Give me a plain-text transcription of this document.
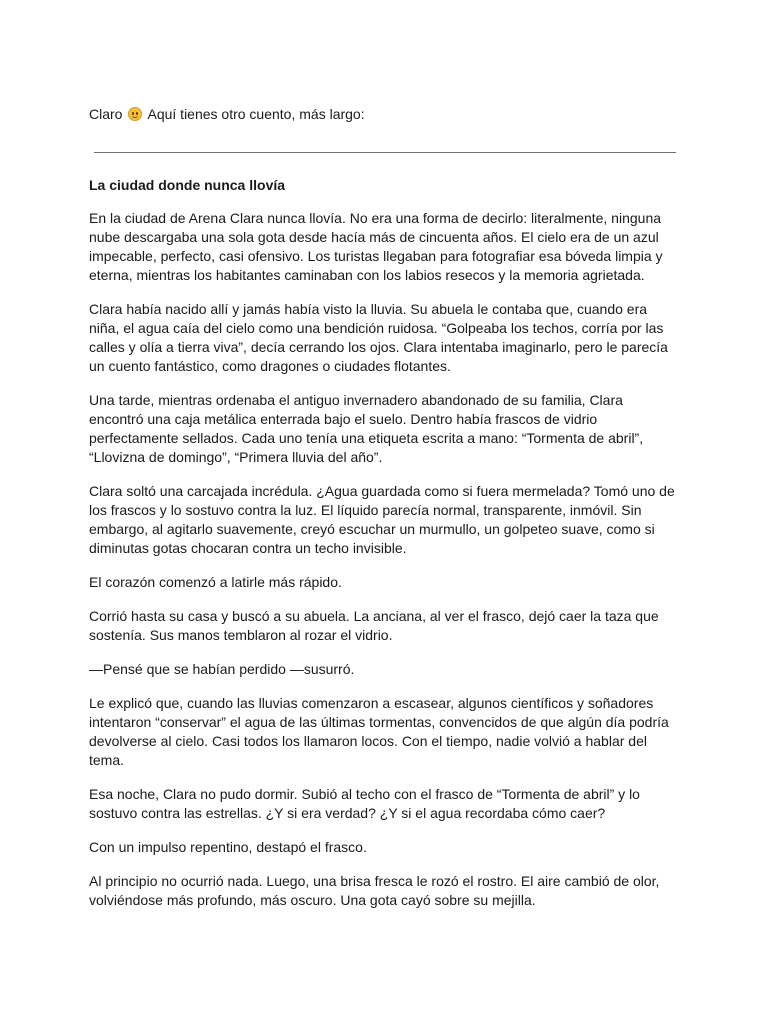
Claro Aquí tienes otro cuento, más largo:

La ciudad donde nunca llovía

En la ciudad de Arena Clara nunca llovía. No era una forma de decirlo: literalmente, ninguna nube descargaba una sola gota desde hacía más de cincuenta años. El cielo era de un azul impecable, perfecto, casi ofensivo. Los turistas llegaban para fotografiar esa bóveda limpia y eterna, mientras los habitantes caminaban con los labios resecos y la memoria agrietada.

Clara había nacido allí y jamás había visto la lluvia. Su abuela le contaba que, cuando era niña, el agua caía del cielo como una bendición ruidosa. “Golpeaba los techos, corría por las calles y olía a tierra viva”, decía cerrando los ojos. Clara intentaba imaginarlo, pero le parecía un cuento fantástico, como dragones o ciudades flotantes.

Una tarde, mientras ordenaba el antiguo invernadero abandonado de su familia, Clara encontró una caja metálica enterrada bajo el suelo. Dentro había frascos de vidrio perfectamente sellados. Cada uno tenía una etiqueta escrita a mano: “Tormenta de abril”, “Llovizna de domingo”, “Primera lluvia del año”.

Clara soltó una carcajada incrédula. ¿Agua guardada como si fuera mermelada? Tomó uno de los frascos y lo sostuvo contra la luz. El líquido parecía normal, transparente, inmóvil. Sin embargo, al agitarlo suavemente, creyó escuchar un murmullo, un golpeteo suave, como si diminutas gotas chocaran contra un techo invisible.

El corazón comenzó a latirle más rápido.

Corrió hasta su casa y buscó a su abuela. La anciana, al ver el frasco, dejó caer la taza que sostenía. Sus manos temblaron al rozar el vidrio.

—Pensé que se habían perdido —susurró.

Le explicó que, cuando las lluvias comenzaron a escasear, algunos científicos y soñadores intentaron “conservar” el agua de las últimas tormentas, convencidos de que algún día podría devolverse al cielo. Casi todos los llamaron locos. Con el tiempo, nadie volvió a hablar del tema.

Esa noche, Clara no pudo dormir. Subió al techo con el frasco de “Tormenta de abril” y lo sostuvo contra las estrellas. ¿Y si era verdad? ¿Y si el agua recordaba cómo caer?

Con un impulso repentino, destapó el frasco.

Al principio no ocurrió nada. Luego, una brisa fresca le rozó el rostro. El aire cambió de olor, volviéndose más profundo, más oscuro. Una gota cayó sobre su mejilla.
